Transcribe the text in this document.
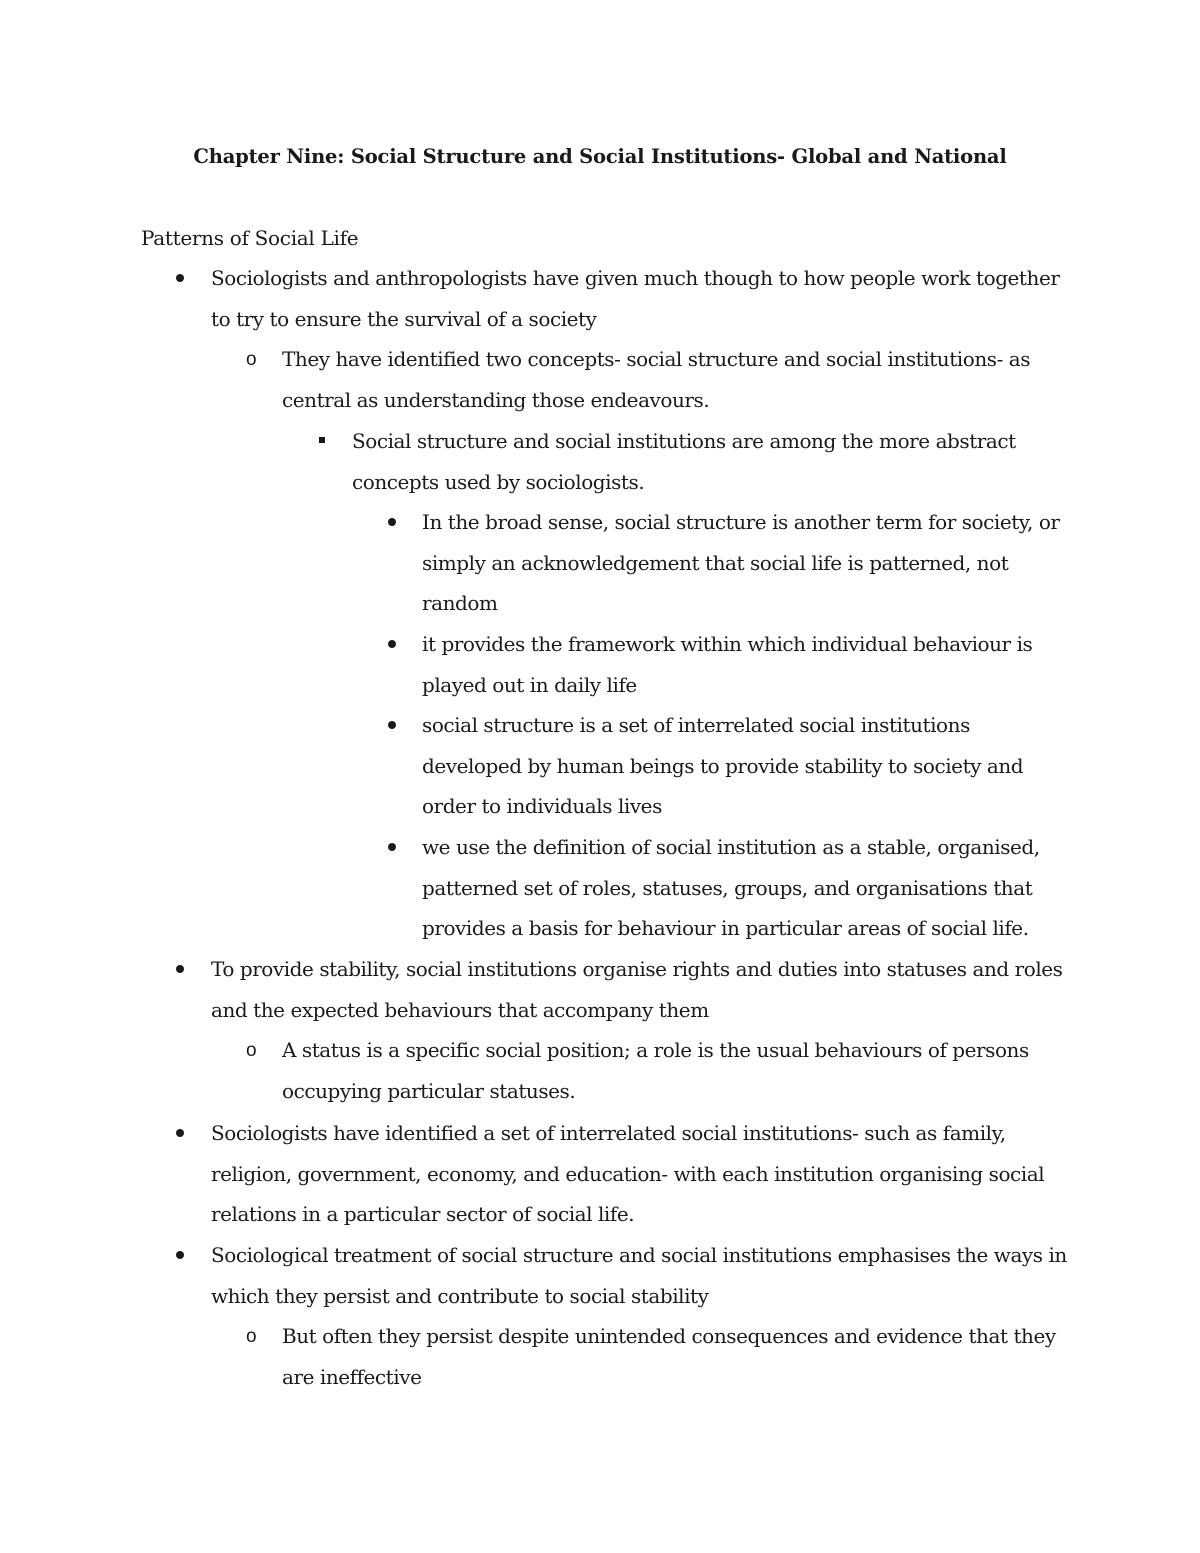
Chapter Nine: Social Structure and Social Institutions- Global and National

Patterns of Social Life

Sociologists and anthropologists have given much though to how people work together to try to ensure the survival of a society

o They have identified two concepts- social structure and social institutions- as central as understanding those endeavours.

Social structure and social institutions are among the more abstract concepts used by sociologists.

In the broad sense, social structure is another term for society, or simply an acknowledgement that social life is patterned, not random

it provides the framework within which individual behaviour is played out in daily life

social structure is a set of interrelated social institutions developed by human beings to provide stability to society and order to individuals lives

we use the definition of social institution as a stable, organised, patterned set of roles, statuses, groups, and organisations that provides a basis for behaviour in particular areas of social life.

To provide stability, social institutions organise rights and duties into statuses and roles and the expected behaviours that accompany them

o A status is a specific social position; a role is the usual behaviours of persons occupying particular statuses.

Sociologists have identified a set of interrelated social institutions- such as family, religion, government, economy, and education- with each institution organising social relations in a particular sector of social life.

Sociological treatment of social structure and social institutions emphasises the ways in which they persist and contribute to social stability

o But often they persist despite unintended consequences and evidence that they are ineffective
